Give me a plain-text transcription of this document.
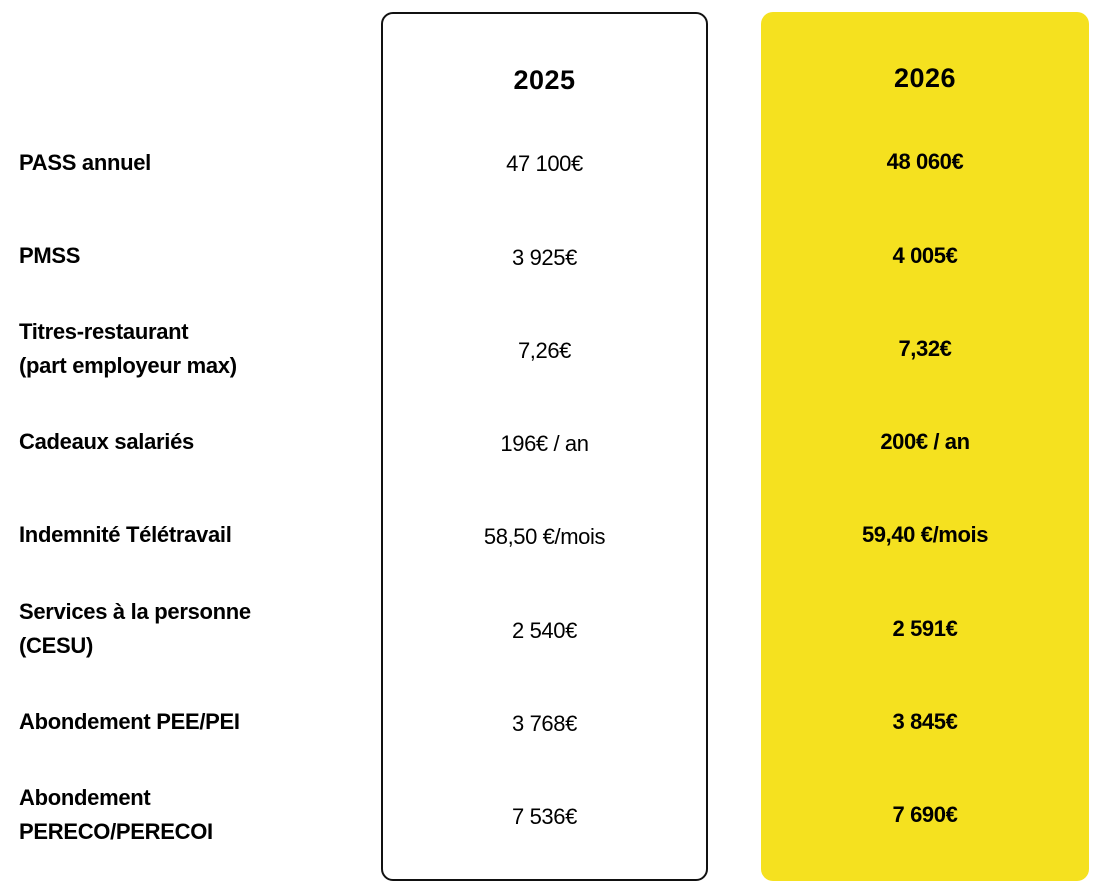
2025
47 100€
3 925€
7,26€
196€ / an
58,50 €/mois
2 540€
3 768€
7 536€
2026
48 060€
4 005€
7,32€
200€ / an
59,40 €/mois
2 591€
3 845€
7 690€
PASS annuel
PMSS
Titres-restaurant
(part employeur max)
Cadeaux salariés
Indemnité Télétravail
Services à la personne
(CESU)
Abondement PEE/PEI
Abondement
PERECO/PERECOI
